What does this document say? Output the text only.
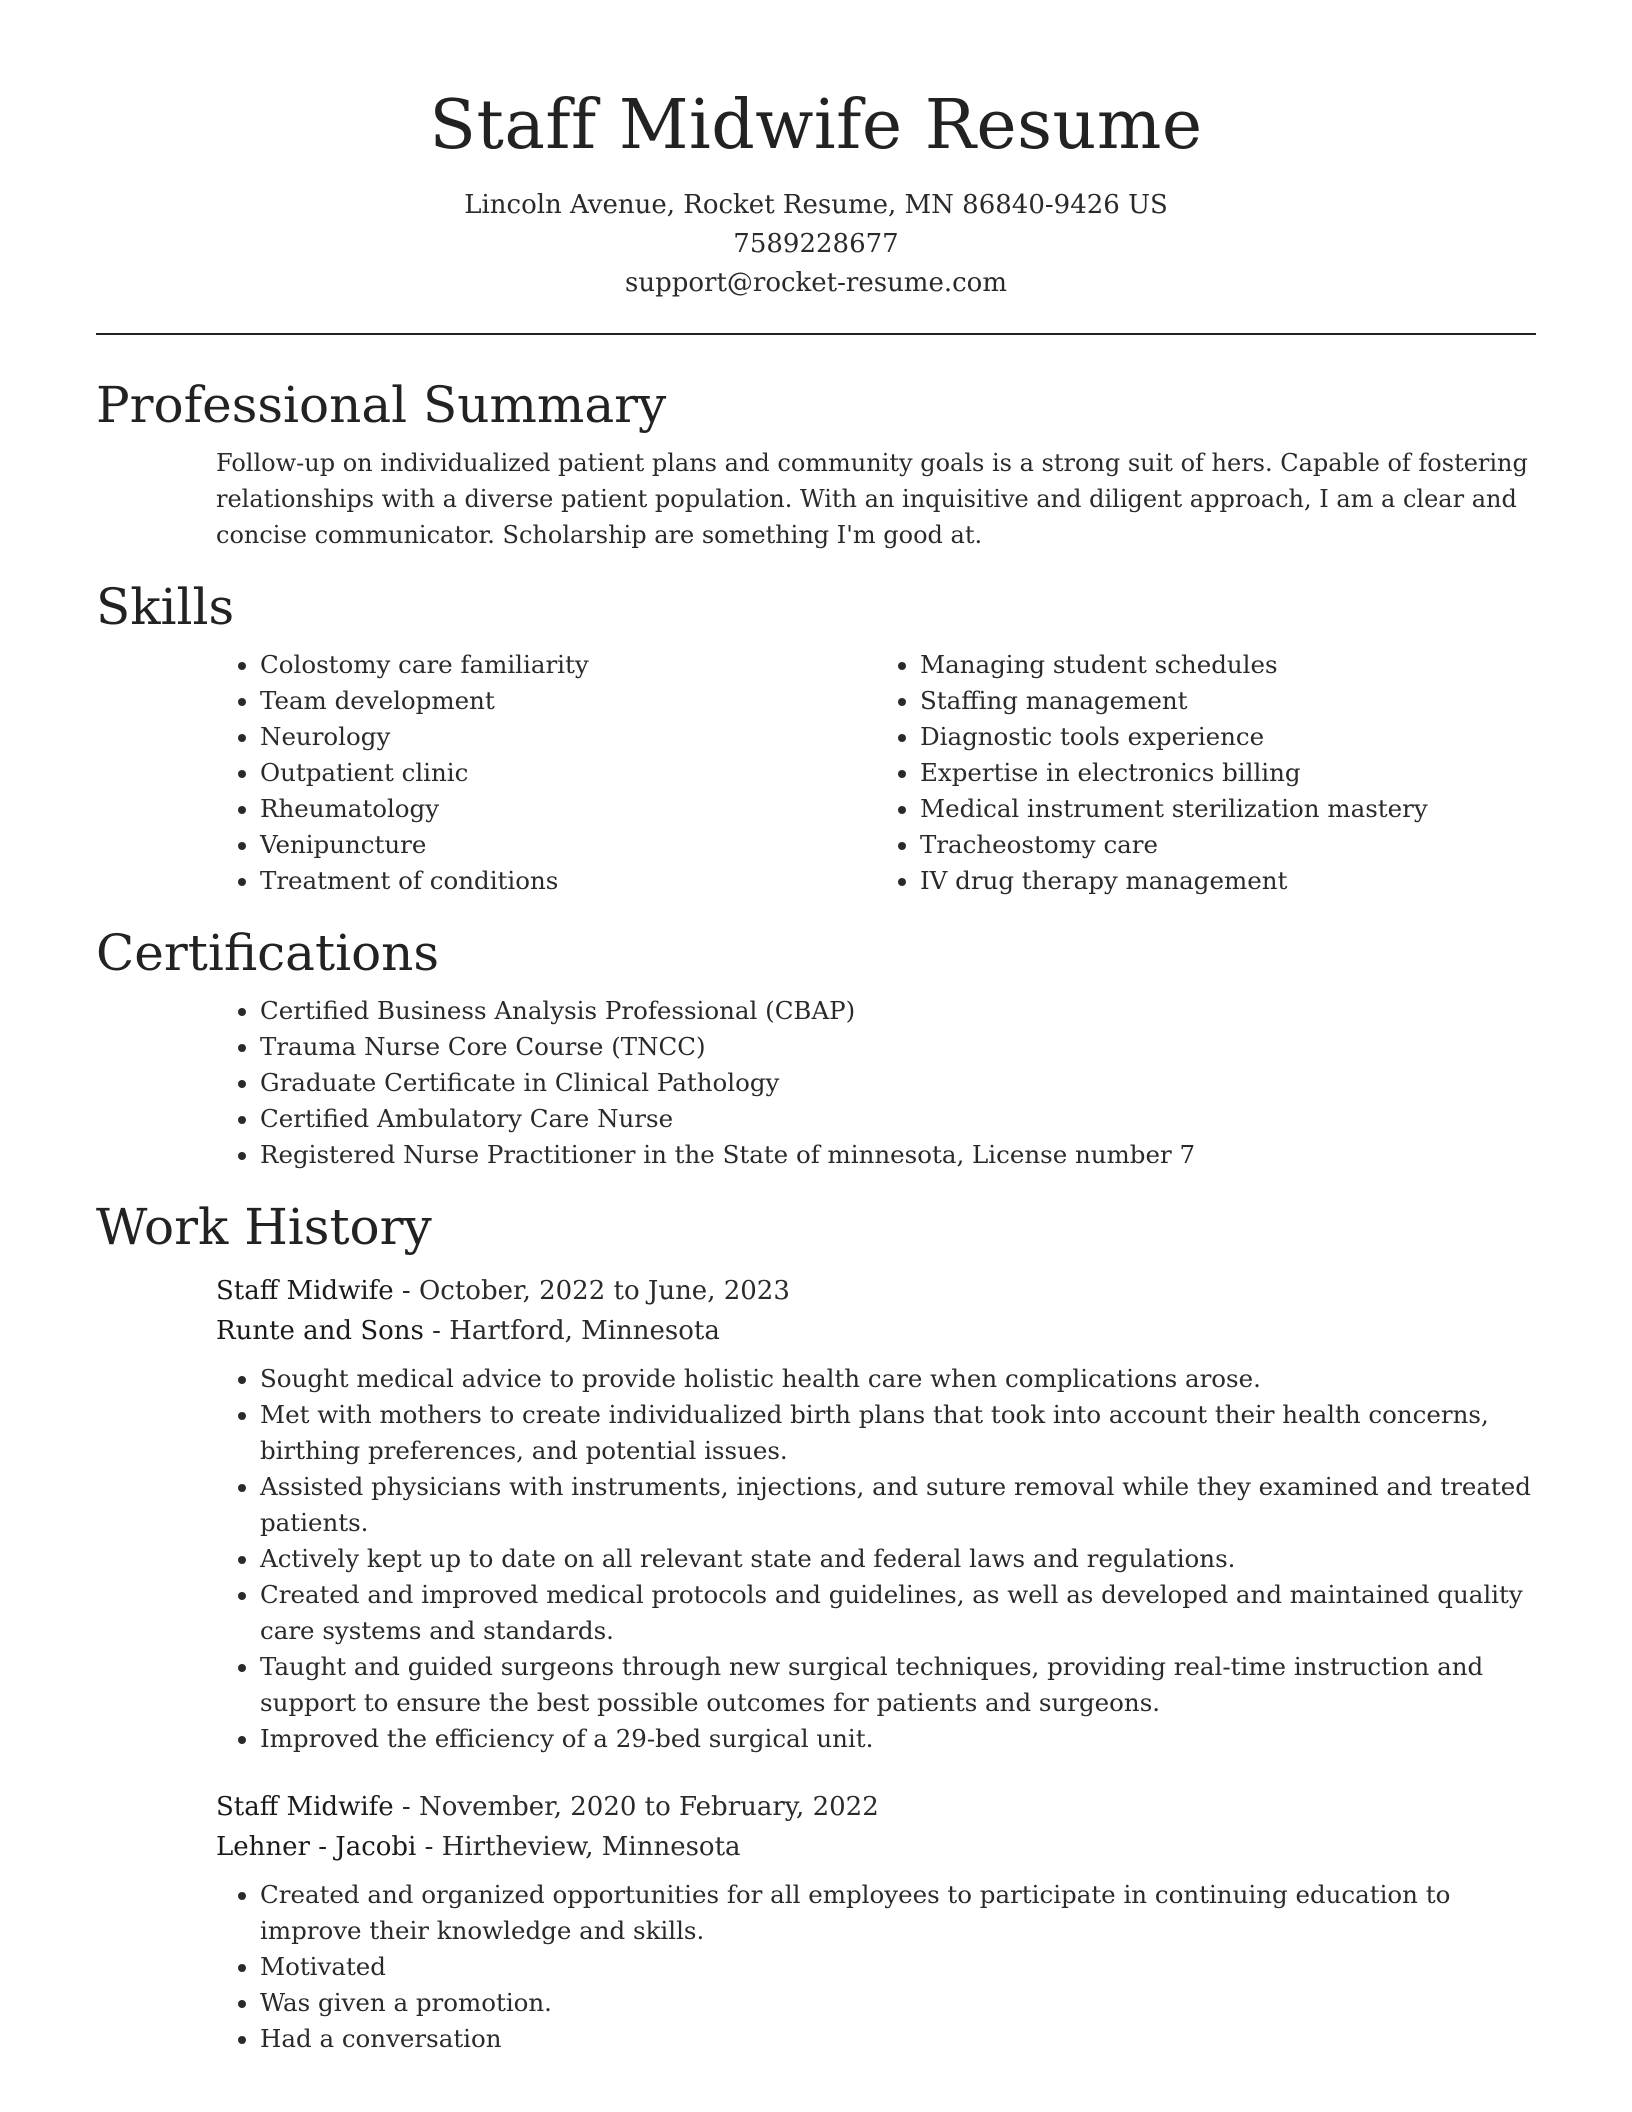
Staff Midwife Resume
Lincoln Avenue, Rocket Resume, MN 86840-9426 US
7589228677
support@rocket-resume.com
Professional Summary

Follow-up on individualized patient plans and community goals is a strong suit of hers. Capable of fostering relationships with a diverse patient population. With an inquisitive and diligent approach, I am a clear and concise communicator. Scholarship are something I'm good at.

Skills
• Colostomy care familiarity
• Team development
• Neurology
• Outpatient clinic
• Rheumatology
• Venipuncture
• Treatment of conditions
• Managing student schedules
• Staffing management
• Diagnostic tools experience
• Expertise in electronics billing
• Medical instrument sterilization mastery
• Tracheostomy care
• IV drug therapy management
Certifications
• Certified Business Analysis Professional (CBAP)
• Trauma Nurse Core Course (TNCC)
• Graduate Certificate in Clinical Pathology
• Certified Ambulatory Care Nurse
• Registered Nurse Practitioner in the State of minnesota, License number 7
Work History
Staff Midwife - October, 2022 to June, 2023
Runte and Sons - Hartford, Minnesota
• Sought medical advice to provide holistic health care when complications arose.
• Met with mothers to create individualized birth plans that took into account their health concerns, birthing preferences, and potential issues.
• Assisted physicians with instruments, injections, and suture removal while they examined and treated patients.
• Actively kept up to date on all relevant state and federal laws and regulations.
• Created and improved medical protocols and guidelines, as well as developed and maintained quality care systems and standards.
• Taught and guided surgeons through new surgical techniques, providing real-time instruction and support to ensure the best possible outcomes for patients and surgeons.
• Improved the efficiency of a 29-bed surgical unit.
Staff Midwife - November, 2020 to February, 2022
Lehner - Jacobi - Hirtheview, Minnesota
• Created and organized opportunities for all employees to participate in continuing education to improve their knowledge and skills.
• Motivated
• Was given a promotion.
• Had a conversation
